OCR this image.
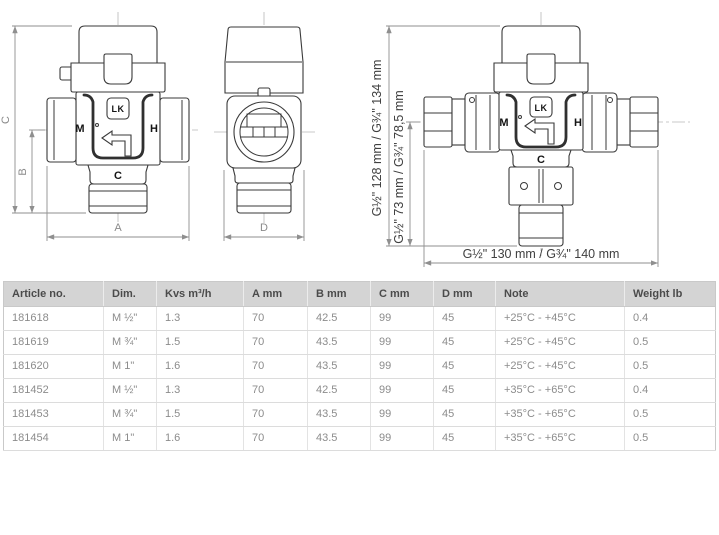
LK
M	H
C
C
B
A	D
LK
M	H
C
G½" 128 mm / G¾" 134 mm G½" 73 mm / G¾" 78,5 mm
G½" 130 mm / G¾" 140 mm
Article no.	Dim.	Kvs m³/h	A mm	B mm	C mm	D mm	Note	Weight lb
181618	M ½"	1.3	70	42.5	99	45	+25°C - +45°C	0.4
181619	M ¾"	1.5	70	43.5	99	45	+25°C - +45°C	0.5
181620	M 1"	1.6	70	43.5	99	45	+25°C - +45°C	0.5
181452	M ½"	1.3	70	42.5	99	45	+35°C - +65°C	0.4
181453	M ¾"	1.5	70	43.5	99	45	+35°C - +65°C	0.5
181454	M 1"	1.6	70	43.5	99	45	+35°C - +65°C	0.5
